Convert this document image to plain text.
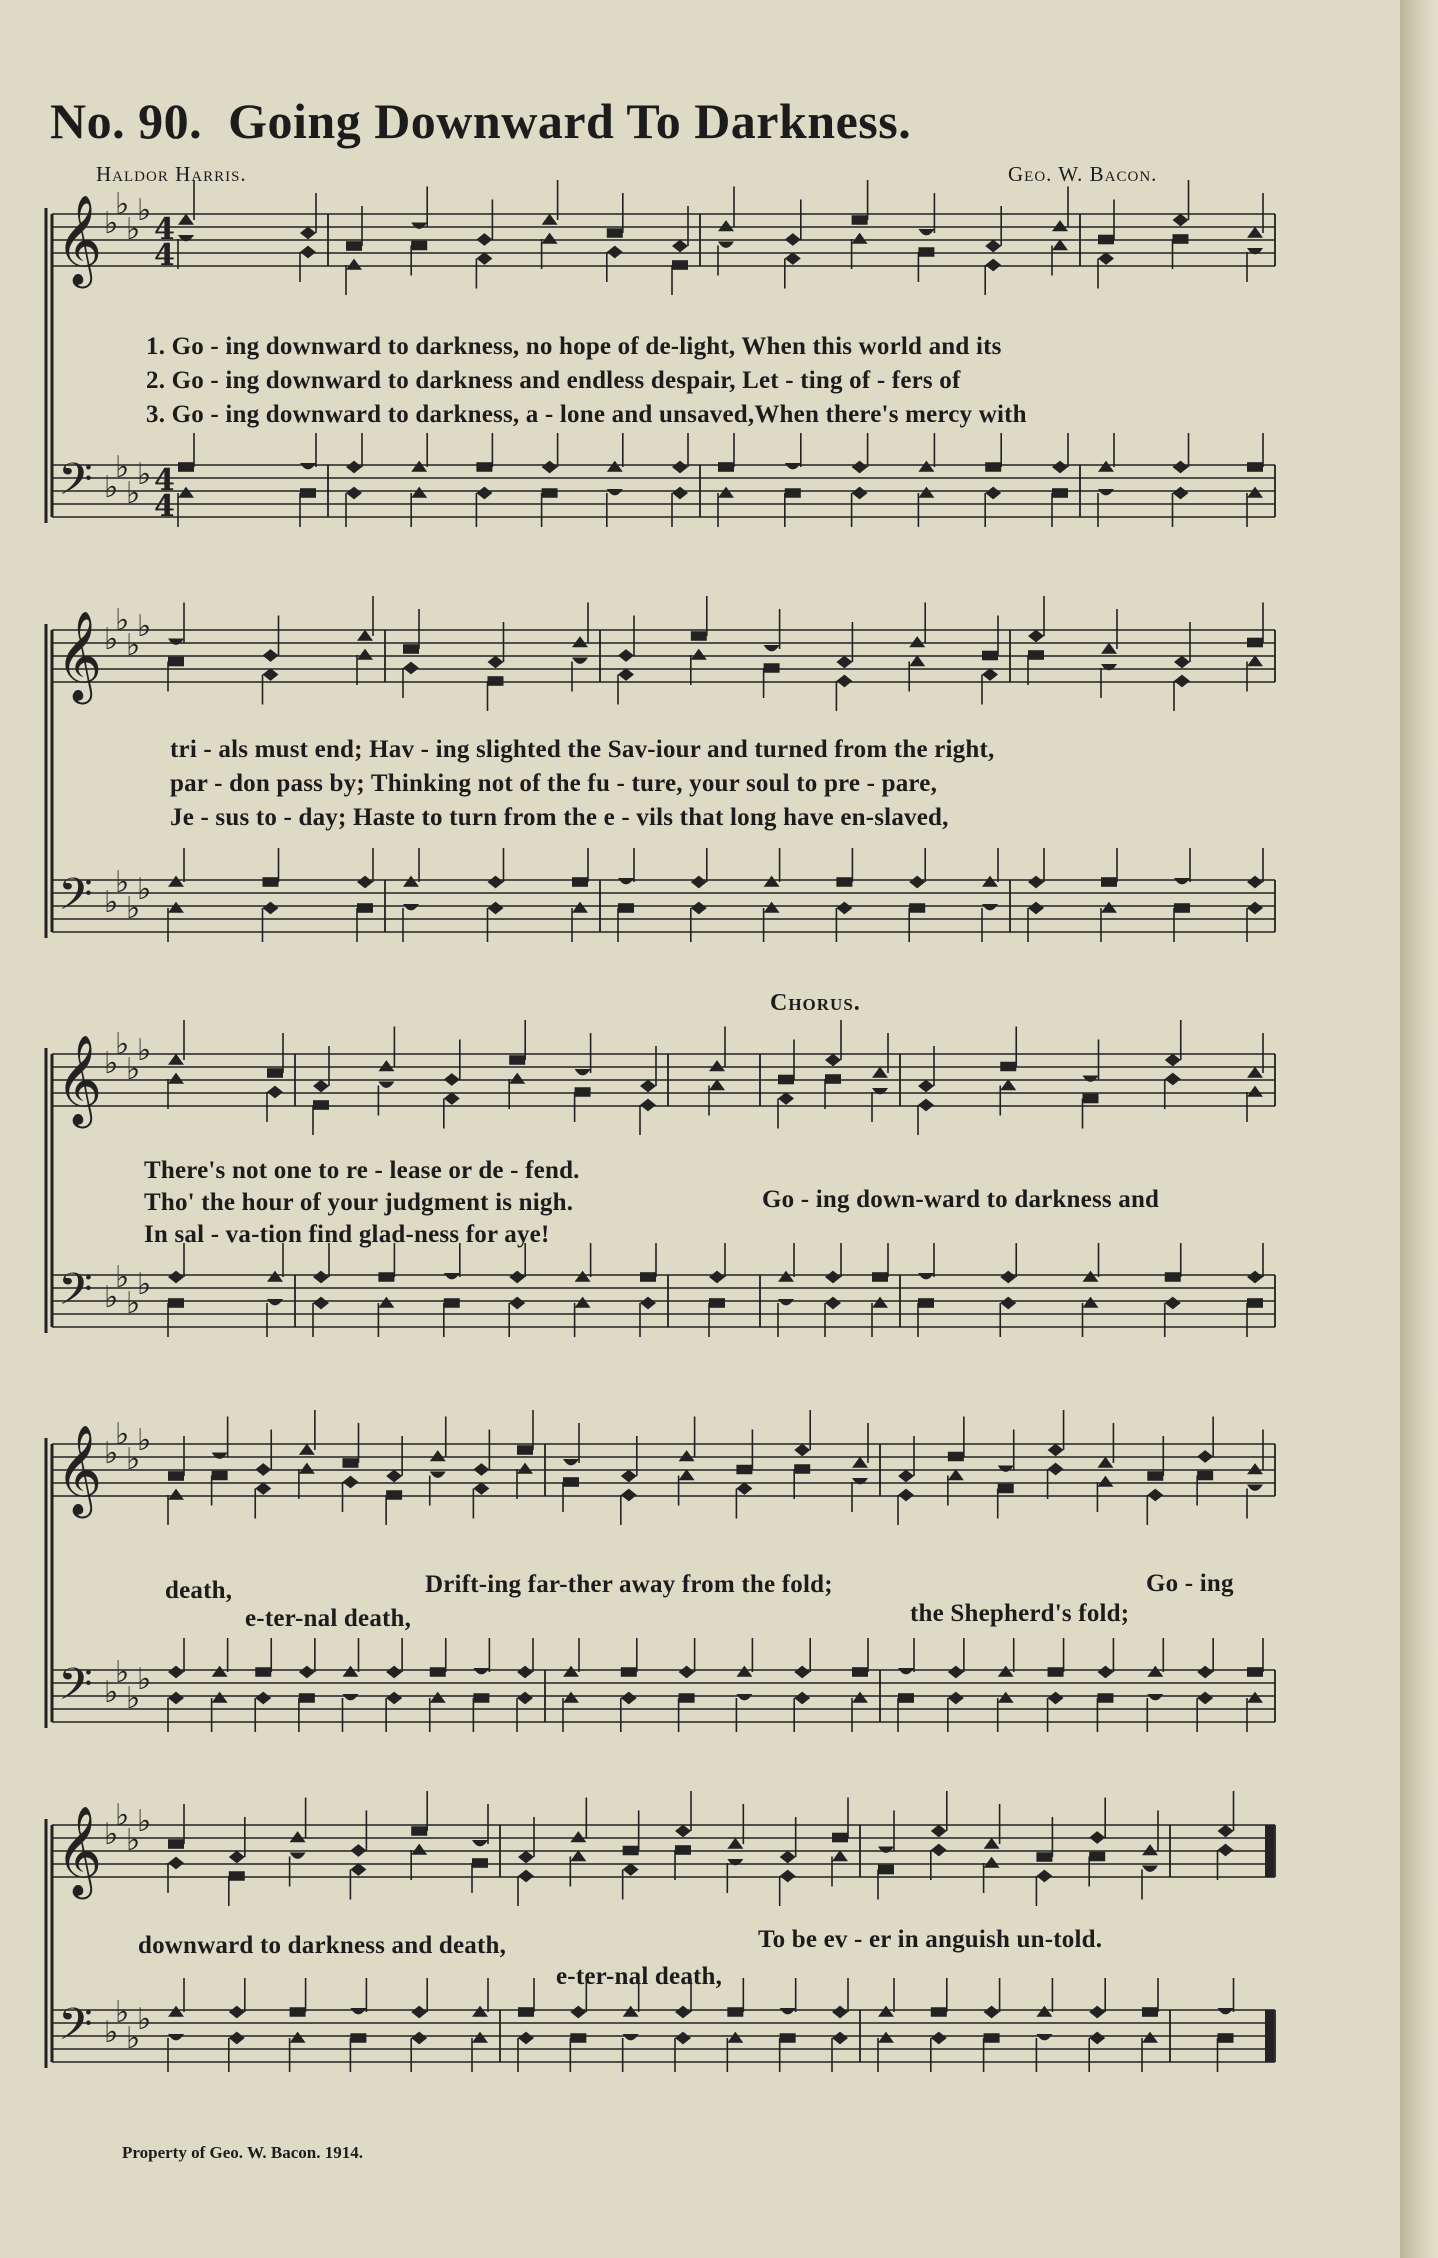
No. 90. Going Downward To Darkness.
Haldor Harris.	Geo. W. Bacon.
𝄞
𝄢
♭
♭
♭
♭
♭
♭
♭
♭
4
4
4
4
1. Go - ing downward to darkness, no hope of de-light, When this world and its
2. Go - ing downward to darkness and endless despair, Let - ting of - fers of
3. Go - ing downward to darkness, a - lone and unsaved,When there's mercy with
𝄞
𝄢
♭
♭
♭
♭
♭
♭
♭
♭
tri - als must end; Hav - ing slighted the Sav-iour and turned from the right,
par - don pass by; Thinking not of the fu - ture, your soul to pre - pare,
Je - sus to - day; Haste to turn from the e - vils that long have en-slaved,
Chorus.
𝄞
𝄢
♭
♭
♭
♭
♭
♭
♭
♭
There's not one to re - lease or de - fend.
Tho' the hour of your judgment is nigh.	Go - ing down-ward to darkness and
In sal - va-tion find glad-ness for aye!
𝄞
𝄢
♭
♭
♭
♭
♭
♭
♭
♭
death,	Drift-ing far-ther away from the fold;	Go - ing
e-ter-nal death,	the Shepherd's fold;
𝄞
𝄢
♭
♭
♭
♭
♭
♭
♭
♭
downward to darkness and death,	To be ev - er in anguish un-told.
e-ter-nal death,
Property of Geo. W. Bacon. 1914.
